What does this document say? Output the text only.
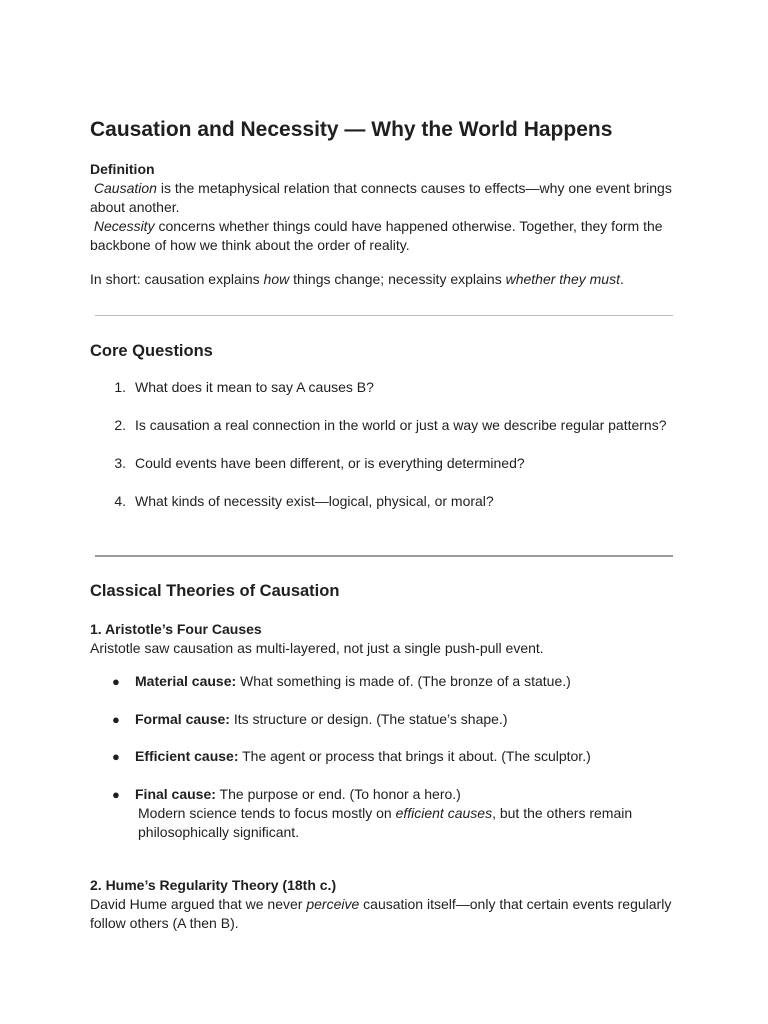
Causation and Necessity — Why the World Happens
Definition

Causation is the metaphysical relation that connects causes to effects—why one event brings about another.

Necessity concerns whether things could have happened otherwise. Together, they form the backbone of how we think about the order of reality.

In short: causation explains how things change; necessity explains whether they must.

Core Questions
1. What does it mean to say A causes B?
2. Is causation a real connection in the world or just a way we describe regular patterns?
3. Could events have been different, or is everything determined?
4. What kinds of necessity exist—logical, physical, or moral?
Classical Theories of Causation
1. Aristotle’s Four Causes

Aristotle saw causation as multi-layered, not just a single push-pull event.

● Material cause: What something is made of. (The bronze of a statue.)
● Formal cause: Its structure or design. (The statue’s shape.)
● Efficient cause: The agent or process that brings it about. (The sculptor.)
● Final cause: The purpose or end. (To honor a hero.)
Modern science tends to focus mostly on efficient causes, but the others remain philosophically significant.
2. Hume’s Regularity Theory (18th c.)

David Hume argued that we never perceive causation itself—only that certain events regularly follow others (A then B).
